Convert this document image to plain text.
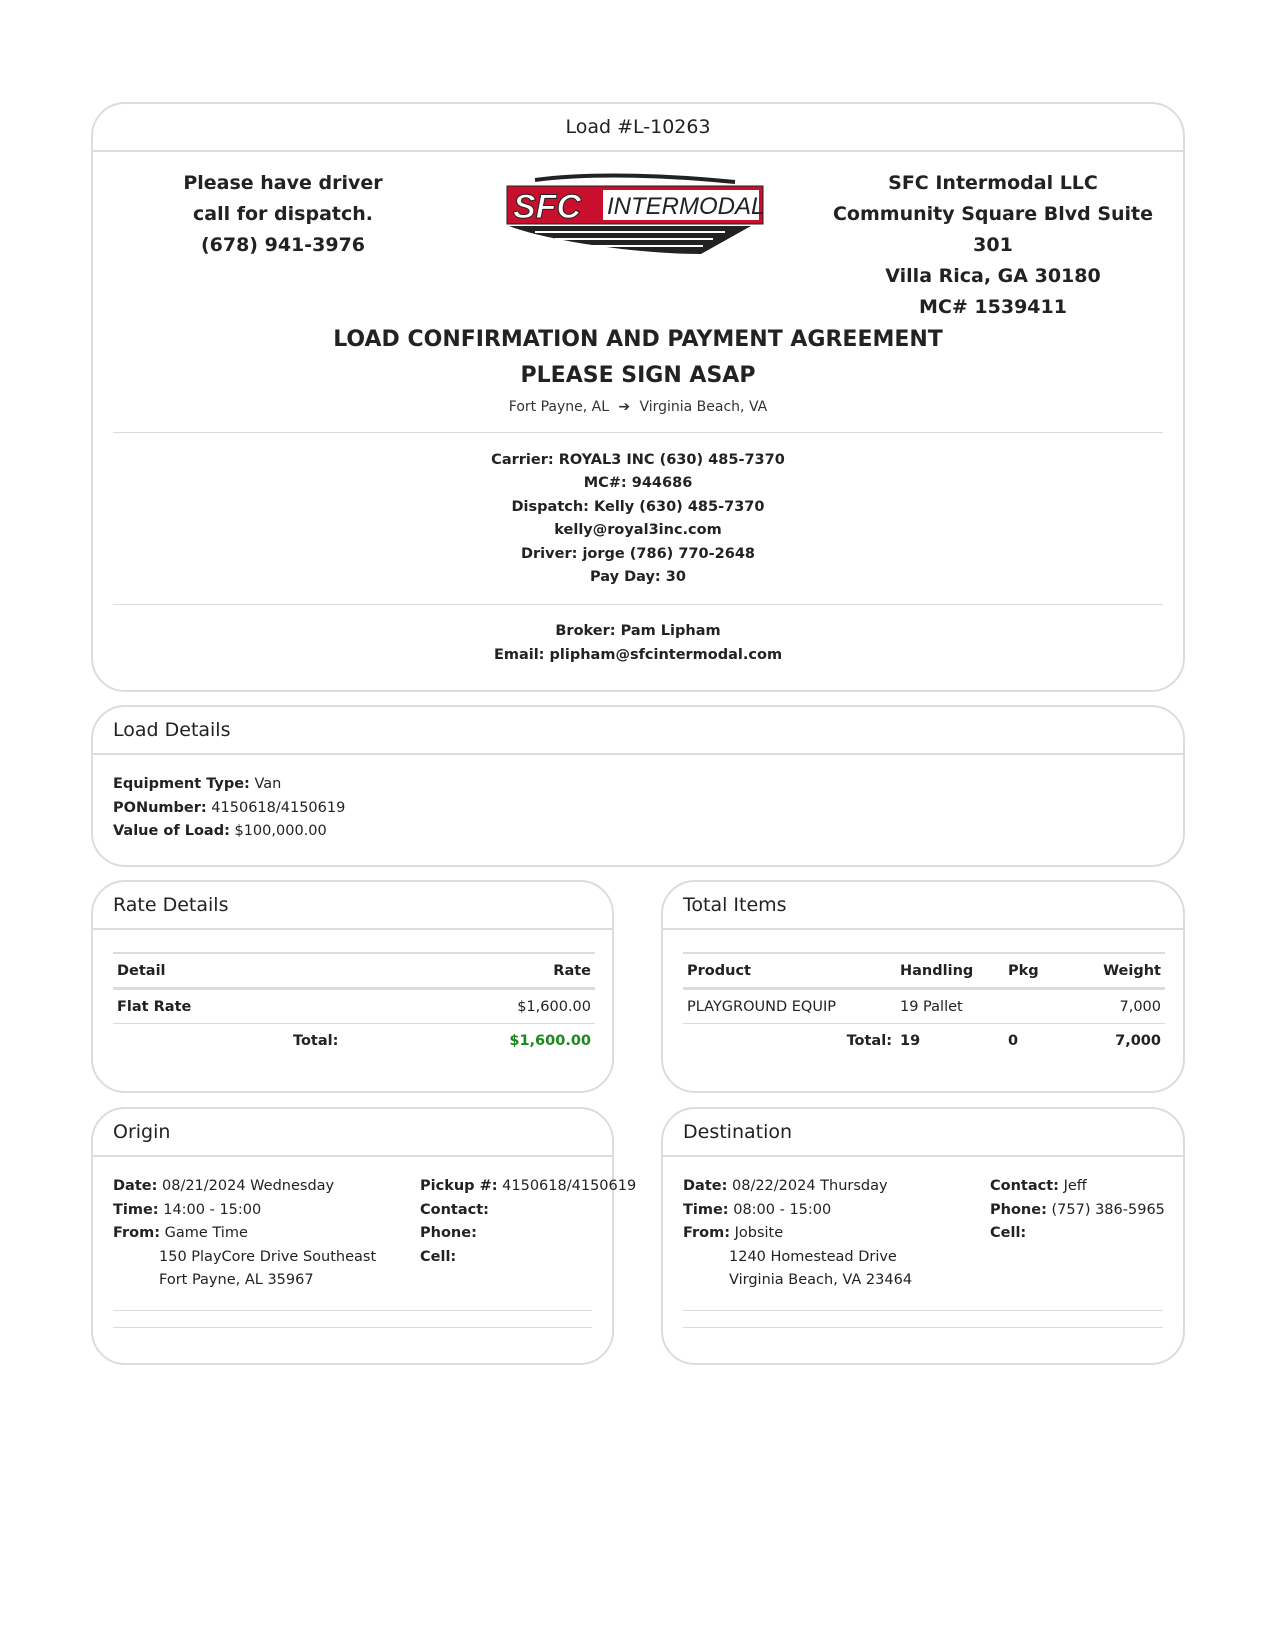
Load #L-10263
Please have driver
call for dispatch.
(678) 941-3976
SFC INTERMODAL
SFC Intermodal LLC
Community Square Blvd Suite 301
Villa Rica, GA 30180
MC# 1539411
LOAD CONFIRMATION AND PAYMENT AGREEMENT
PLEASE SIGN ASAP
Fort Payne, AL  ➔  Virginia Beach, VA
Carrier: ROYAL3 INC (630) 485-7370
MC#: 944686
Dispatch: Kelly (630) 485-7370
kelly@royal3inc.com
Driver: jorge (786) 770-2648
Pay Day: 30
Broker: Pam Lipham
Email: plipham@sfcintermodal.com
Load Details
Equipment Type: Van
PONumber: 4150618/4150619
Value of Load: $100,000.00
Rate Details
Detail	Rate
Flat Rate	$1,600.00
Total:	$1,600.00
Total Items
Product	Handling	Pkg	Weight
PLAYGROUND EQUIP	19 Pallet		7,000
Total:	19	0	7,000
Origin
Date: 08/21/2024 Wednesday
Time: 14:00 - 15:00
From: Game Time
150 PlayCore Drive Southeast
Fort Payne, AL 35967
Pickup #: 4150618/4150619
Contact:
Phone:
Cell:
Destination
Date: 08/22/2024 Thursday
Time: 08:00 - 15:00
From: Jobsite
1240 Homestead Drive
Virginia Beach, VA 23464
Contact: Jeff
Phone: (757) 386-5965
Cell:
